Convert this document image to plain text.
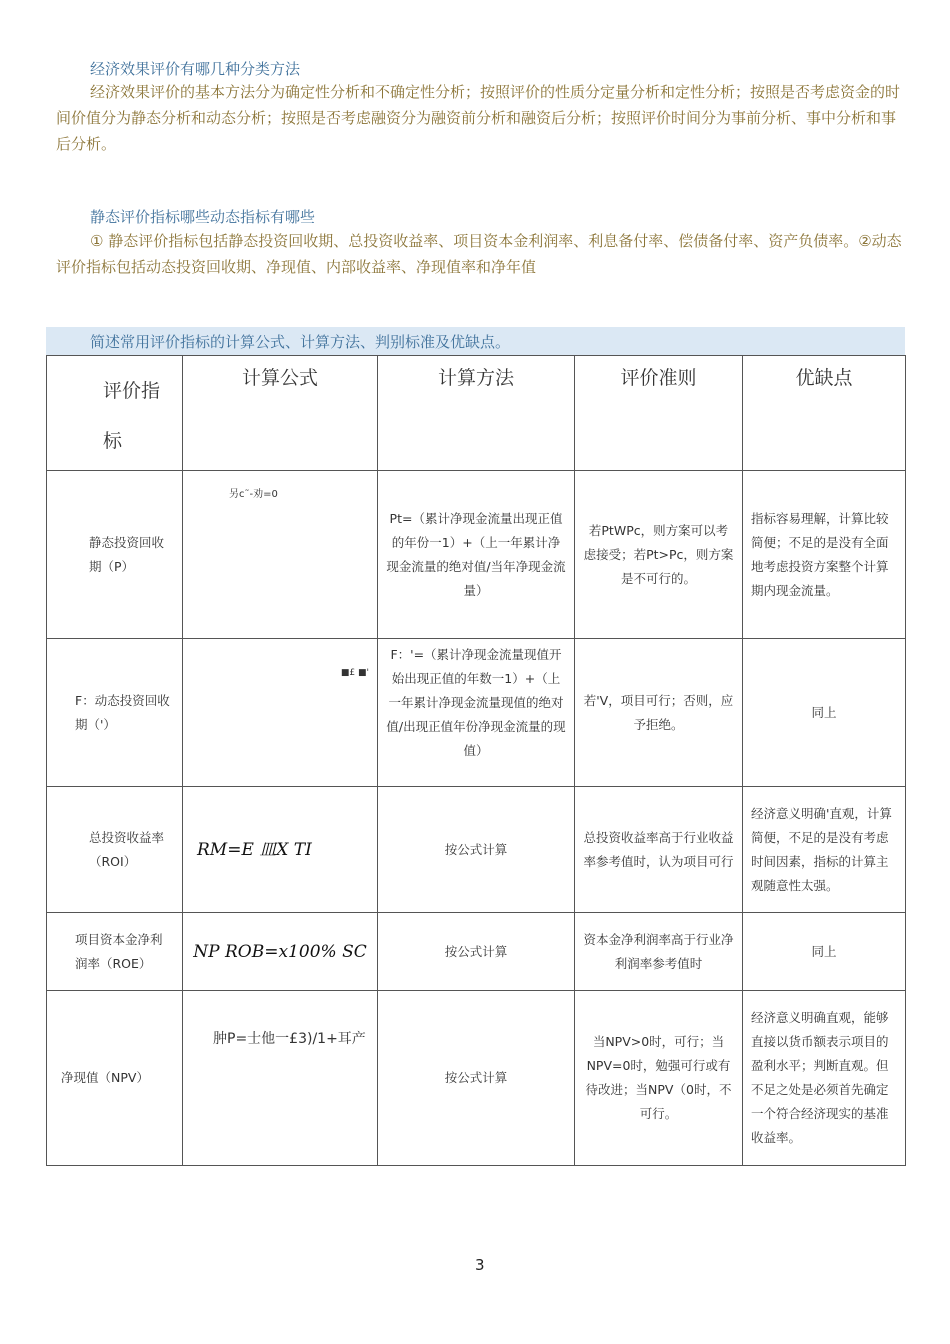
经济效果评价有哪几种分类方法
经济效果评价的基本方法分为确定性分析和不确定性分析；按照评价的性质分定量分析和定性分析；按照是否考虑资金的时间价值分为静态分析和动态分析；按照是否考虑融资分为融资前分析和融资后分析；按照评价时间分为事前分析、事中分析和事后分析。
静态评价指标哪些动态指标有哪些
① 静态评价指标包括静态投资回收期、总投资收益率、项目资本金利润率、利息备付率、偿债备付率、资产负债率。②动态评价指标包括动态投资回收期、净现值、内部收益率、净现值率和净年值
简述常用评价指标的计算公式、计算方法、判别标准及优缺点。
评价指标	计算公式	计算方法	评价准则	优缺点
静态投资回收期（P）	另c˜-劝=0	Pt=（累计净现金流量出现正值的年份一1）+（上一年累计净现金流量的绝对值/当年净现金流量）	若PtWPc，则方案可以考虑接受；若Pt>Pc，则方案是不可行的。	指标容易理解，计算比较简便；不足的是没有全面地考虑投资方案整个计算期内现金流量。
F：动态投资回收期（'）	■£ ■'	F：'=（累计净现金流量现值开始出现正值的年数一1）+（上一年累计净现金流量现值的绝对值/出现正值年份净现金流量的现值）	若'V，项目可行；否则，应予拒绝。	同上
总投资收益率（ROI）	RM=E 皿X TI	按公式计算	总投资收益率高于行业收益率参考值时，认为项目可行	经济意义明确'直观，计算简便，不足的是没有考虑时间因素，指标的计算主观随意性太强。
项目资本金净利润率（ROE）	NP ROB=x100% SC	按公式计算	资本金净利润率高于行业净利润率参考值时	同上
净现值（NPV）	肿P=士他一£3)/1+耳产	按公式计算	当NPV>0时，可行；当NPV=0时，勉强可行或有待改进；当NPV（0时，不可行。	经济意义明确直观，能够直接以货币额表示项目的盈利水平；判断直观。但不足之处是必须首先确定一个符合经济现实的基准收益率。
3
